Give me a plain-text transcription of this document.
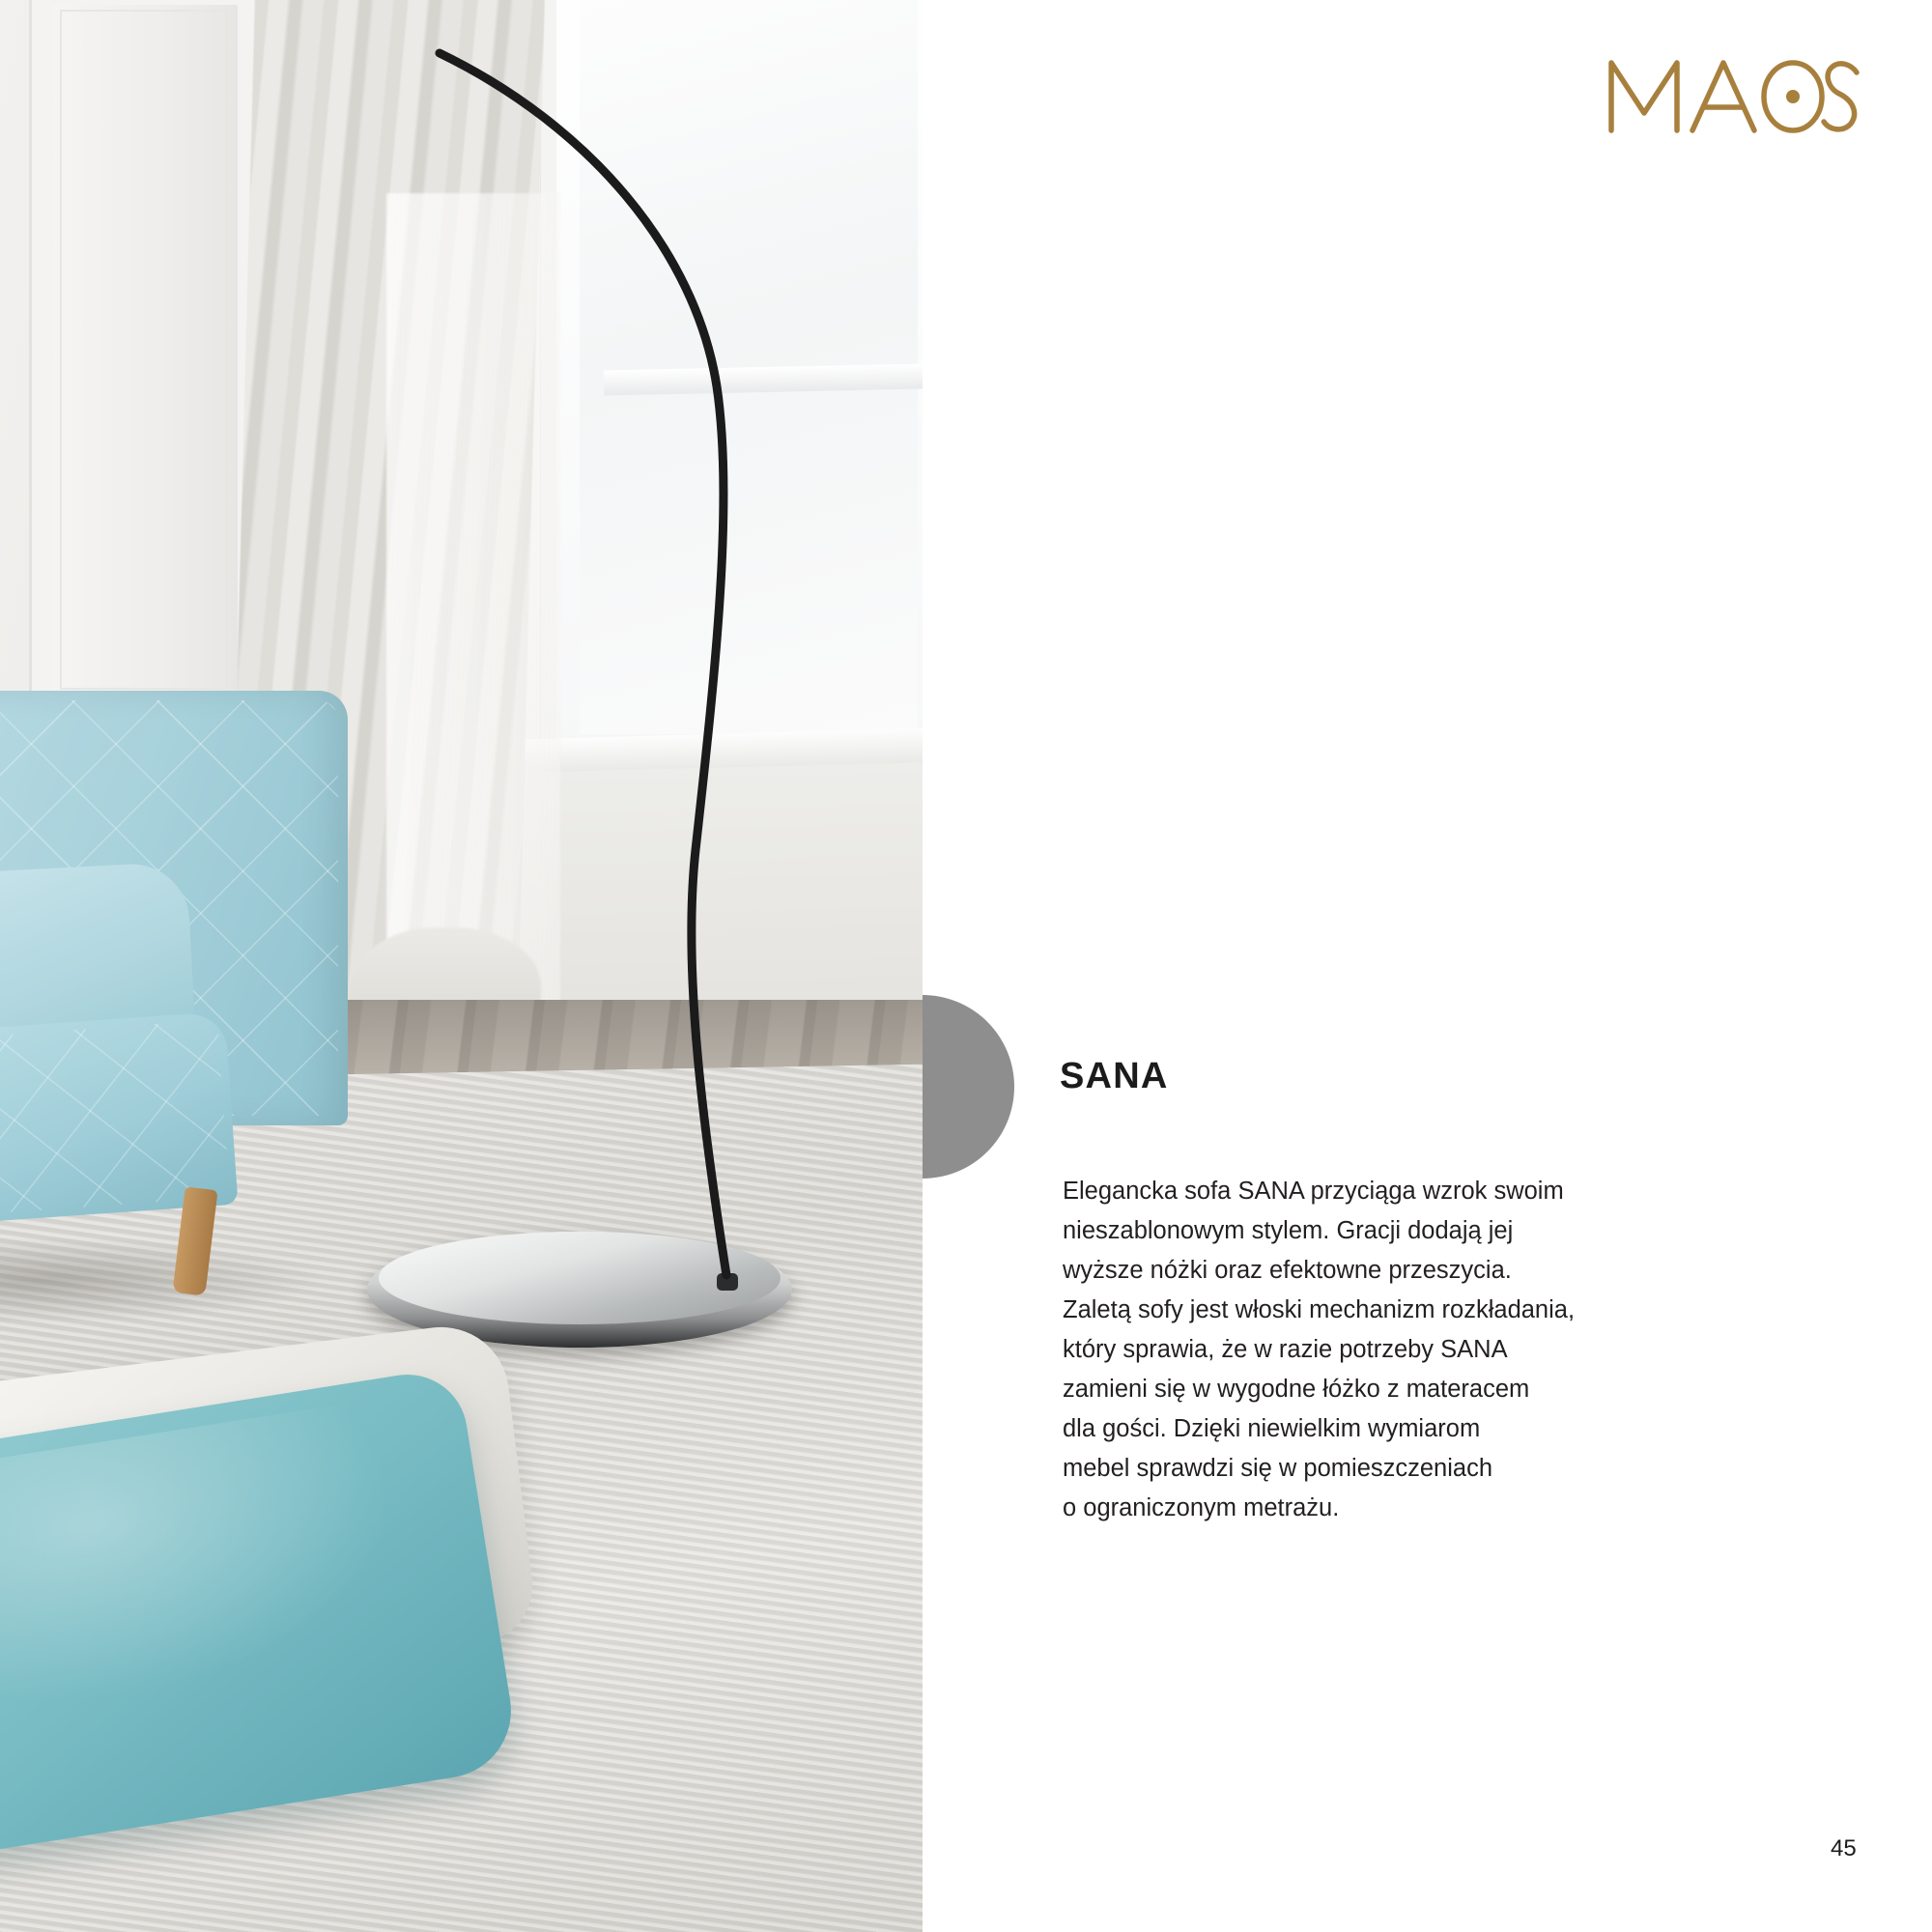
SANA
Elegancka sofa SANA przyciąga wzrok swoim
nieszablonowym stylem. Gracji dodają jej
wyższe nóżki oraz efektowne przeszycia.
Zaletą sofy jest włoski mechanizm rozkładania,
który sprawia, że w razie potrzeby SANA
zamieni się w wygodne łóżko z materacem
dla gości. Dzięki niewielkim wymiarom
mebel sprawdzi się w pomieszczeniach
o ograniczonym metrażu.
45
